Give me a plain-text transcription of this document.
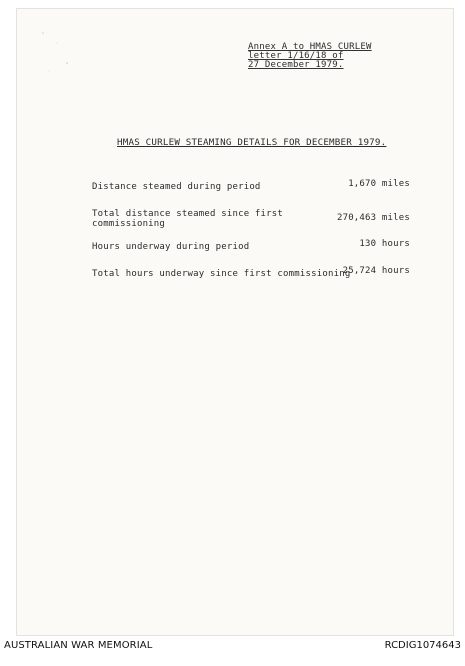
Annex A to HMAS CURLEW
letter 1/16/18 of
27 December 1979.
HMAS CURLEW STEAMING DETAILS FOR DECEMBER 1979.
Distance steamed during period	1,670 miles
Total distance steamed since first
commissioning
270,463 miles
Hours underway during period	130 hours
Total hours underway since first commissioning
25,724 hours
AUSTRALIAN WAR MEMORIAL	RCDIG1074643
